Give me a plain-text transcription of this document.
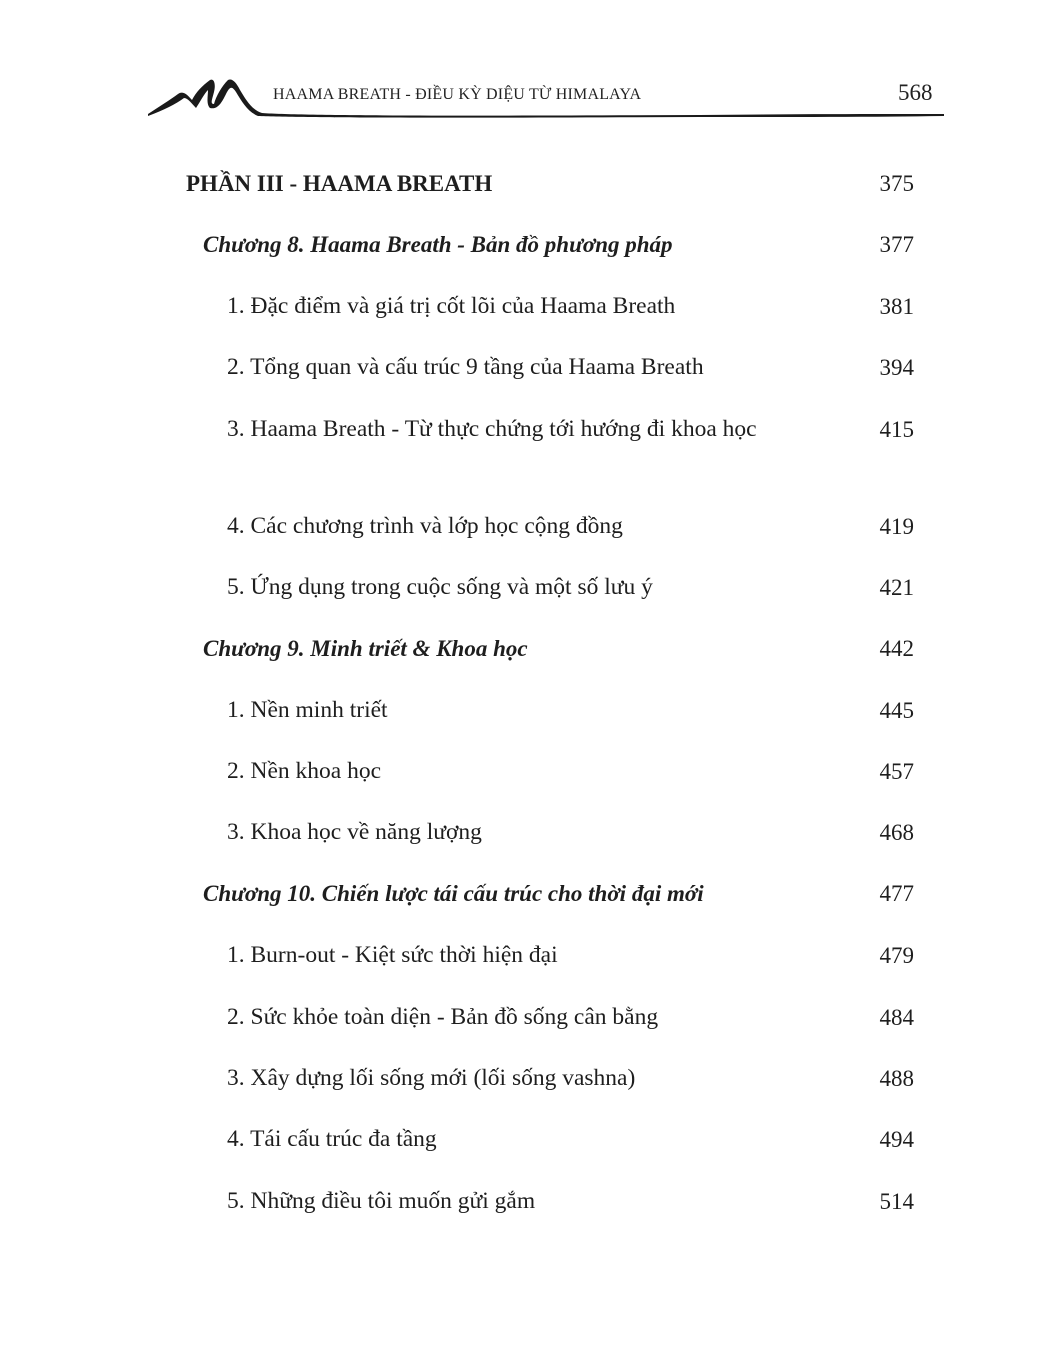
HAAMA BREATH - ĐIỀU KỲ DIỆU TỪ HIMALAYA	568
PHẦN III - HAAMA BREATH	375
Chương 8. Haama Breath - Bản đồ phương pháp	377
1. Đặc điểm và giá trị cốt lõi của Haama Breath	381
2. Tổng quan và cấu trúc 9 tầng của Haama Breath	394
3. Haama Breath - Từ thực chứng tới hướng đi khoa học	415
4. Các chương trình và lớp học cộng đồng	419
5. Ứng dụng trong cuộc sống và một số lưu ý	421
Chương 9. Minh triết & Khoa học	442
1. Nền minh triết	445
2. Nền khoa học	457
3. Khoa học về năng lượng	468
Chương 10. Chiến lược tái cấu trúc cho thời đại mới	477
1. Burn-out - Kiệt sức thời hiện đại	479
2. Sức khỏe toàn diện - Bản đồ sống cân bằng	484
3. Xây dựng lối sống mới (lối sống vashna)	488
4. Tái cấu trúc đa tầng	494
5. Những điều tôi muốn gửi gắm	514
